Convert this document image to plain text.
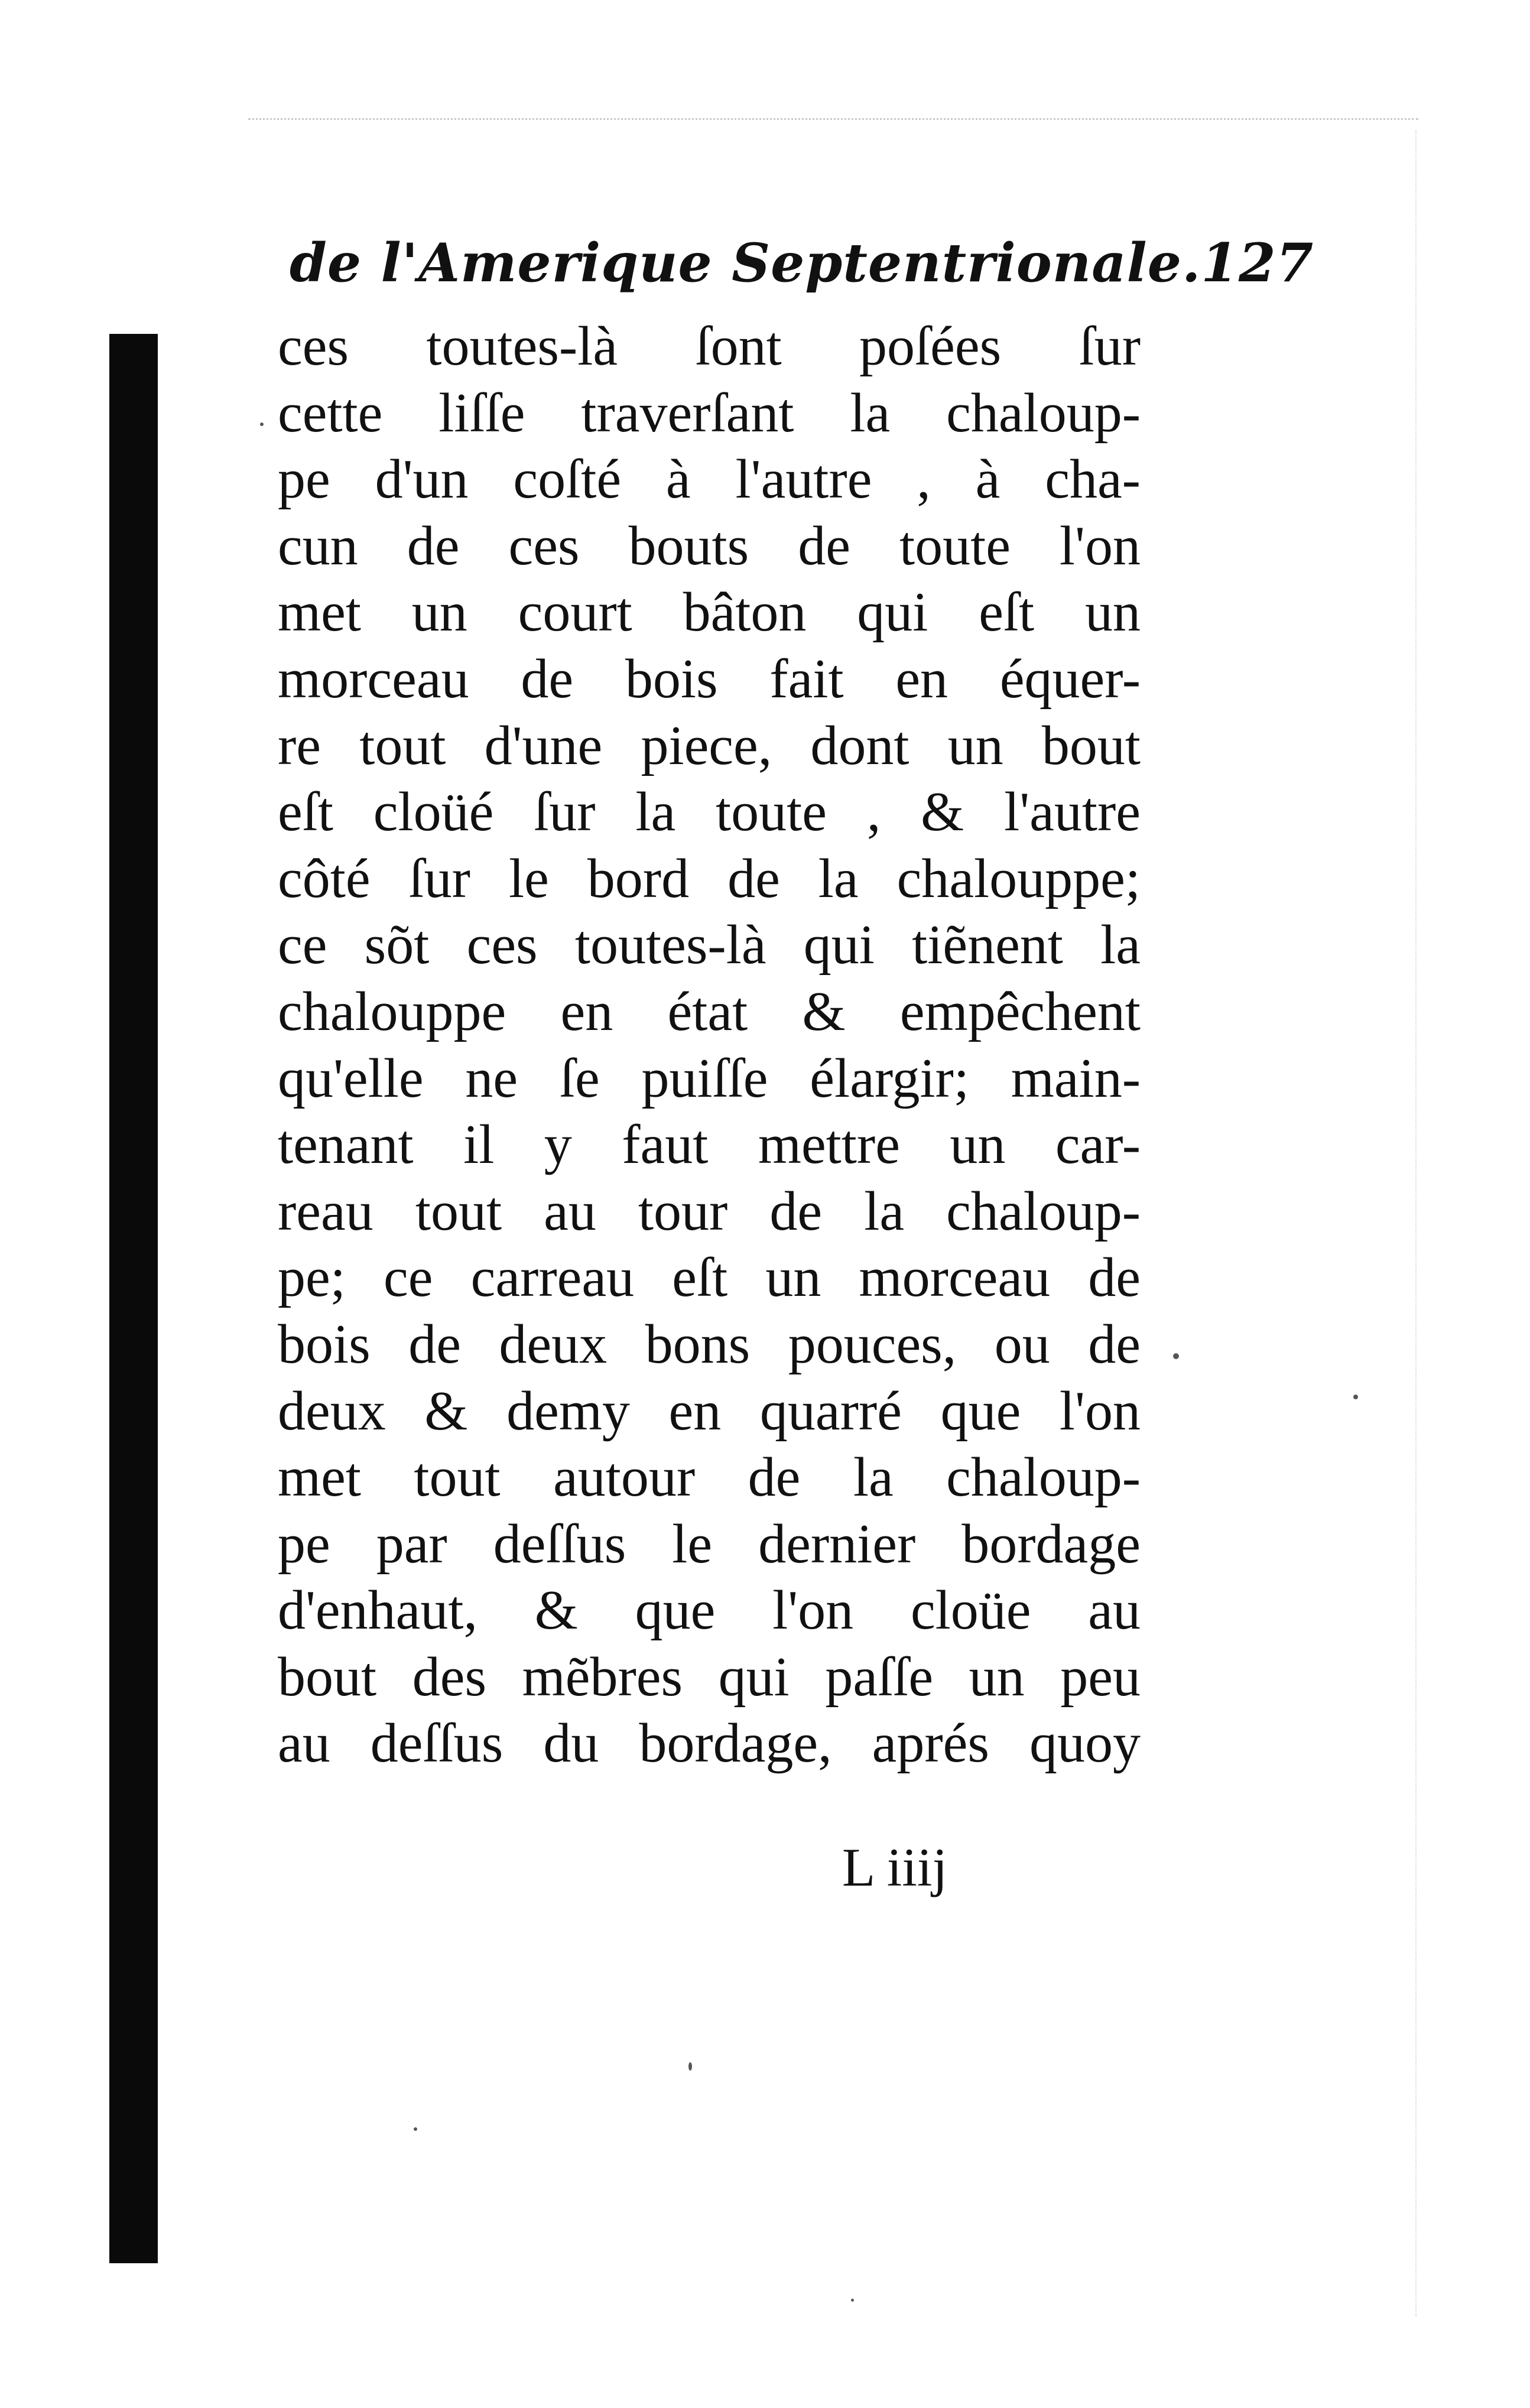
de l'Amerique Septentrionale.127
ces toutes-là ſont poſées ſur
cette liſſe traverſant la chaloup-
pe d'un coſté à l'autre , à cha-
cun de ces bouts de toute l'on
met un court bâton qui eſt un
morceau de bois fait en équer-
re tout d'une piece, dont un bout
eſt cloüé ſur la toute , & l'autre
côté ſur le bord de la chalouppe;
ce sõt ces toutes-là qui tiẽnent la
chalouppe en état & empêchent
qu'elle ne ſe puiſſe élargir; main-
tenant il y faut mettre un car-
reau tout au tour de la chaloup-
pe; ce carreau eſt un morceau de
bois de deux bons pouces, ou de
deux & demy en quarré que l'on
met tout autour de la chaloup-
pe par deſſus le dernier bordage
d'enhaut, & que l'on cloüe au
bout des mẽbres qui paſſe un peu
au deſſus du bordage, aprés quoy
L iiij
